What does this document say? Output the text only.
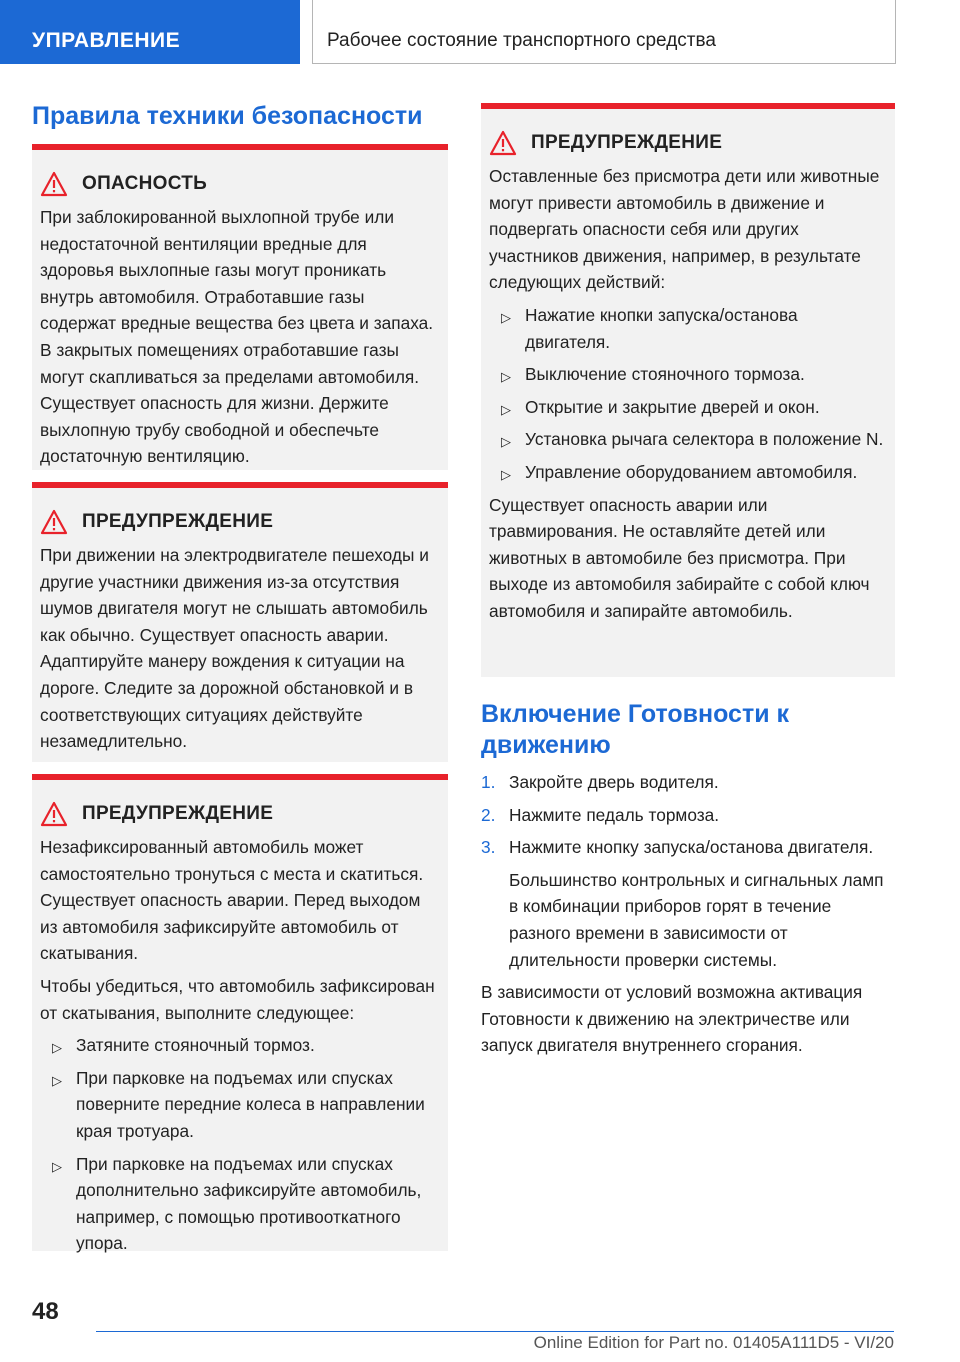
УПРАВЛЕНИЕ	Рабочее состояние транспортного средства
Правила техники безопасности
ОПАСНОСТЬ

При заблокированной выхлопной трубе или недостаточной вентиляции вредные для здоровья выхлопные газы могут проникать внутрь автомобиля. Отработавшие газы содержат вредные вещества без цвета и запаха. В закрытых помещениях отработавшие газы могут скапливаться за пределами автомобиля. Существует опасность для жизни. Держите выхлопную трубу свободной и обеспечьте достаточную вентиляцию.

ПРЕДУПРЕЖДЕНИЕ

При движении на электродвигателе пешеходы и другие участники движения из-за отсутствия шумов двигателя могут не слышать автомобиль как обычно. Существует опасность аварии. Адаптируйте манеру вождения к ситуации на дороге. Следите за дорожной обстановкой и в соответствующих ситуациях действуйте незамедлительно.

ПРЕДУПРЕЖДЕНИЕ

Незафиксированный автомобиль может самостоятельно тронуться с места и скатиться. Существует опасность аварии. Перед выходом из автомобиля зафиксируйте автомобиль от скатывания.

Чтобы убедиться, что автомобиль зафиксирован от скатывания, выполните следующее:

▷ Затяните стояночный тормоз.
▷ При парковке на подъемах или спусках поверните передние колеса в направлении края тротуара.
▷ При парковке на подъемах или спусках дополнительно зафиксируйте автомобиль, например, с помощью противооткатного упора.
ПРЕДУПРЕЖДЕНИЕ

Оставленные без присмотра дети или животные могут привести автомобиль в движение и подвергать опасности себя или других участников движения, например, в результате следующих действий:

▷ Нажатие кнопки запуска/останова двигателя.
▷ Выключение стояночного тормоза.
▷ Открытие и закрытие дверей и окон.
▷ Установка рычага селектора в положение N.
▷ Управление оборудованием автомобиля.

Существует опасность аварии или травмирования. Не оставляйте детей или животных в автомобиле без присмотра. При выходе из автомобиля забирайте с собой ключ автомобиля и запирайте автомобиль.

Включение Готовности к движению
1. Закройте дверь водителя.
2. Нажмите педаль тормоза.
3. Нажмите кнопку запуска/останова двигателя.
Большинство контрольных и сигнальных ламп в комбинации приборов горят в течение разного времени в зависимости от длительности проверки системы.

В зависимости от условий возможна активация Готовности к движению на электричестве или запуск двигателя внутреннего сгорания.

48
Online Edition for Part no. 01405A111D5 - VI/20
